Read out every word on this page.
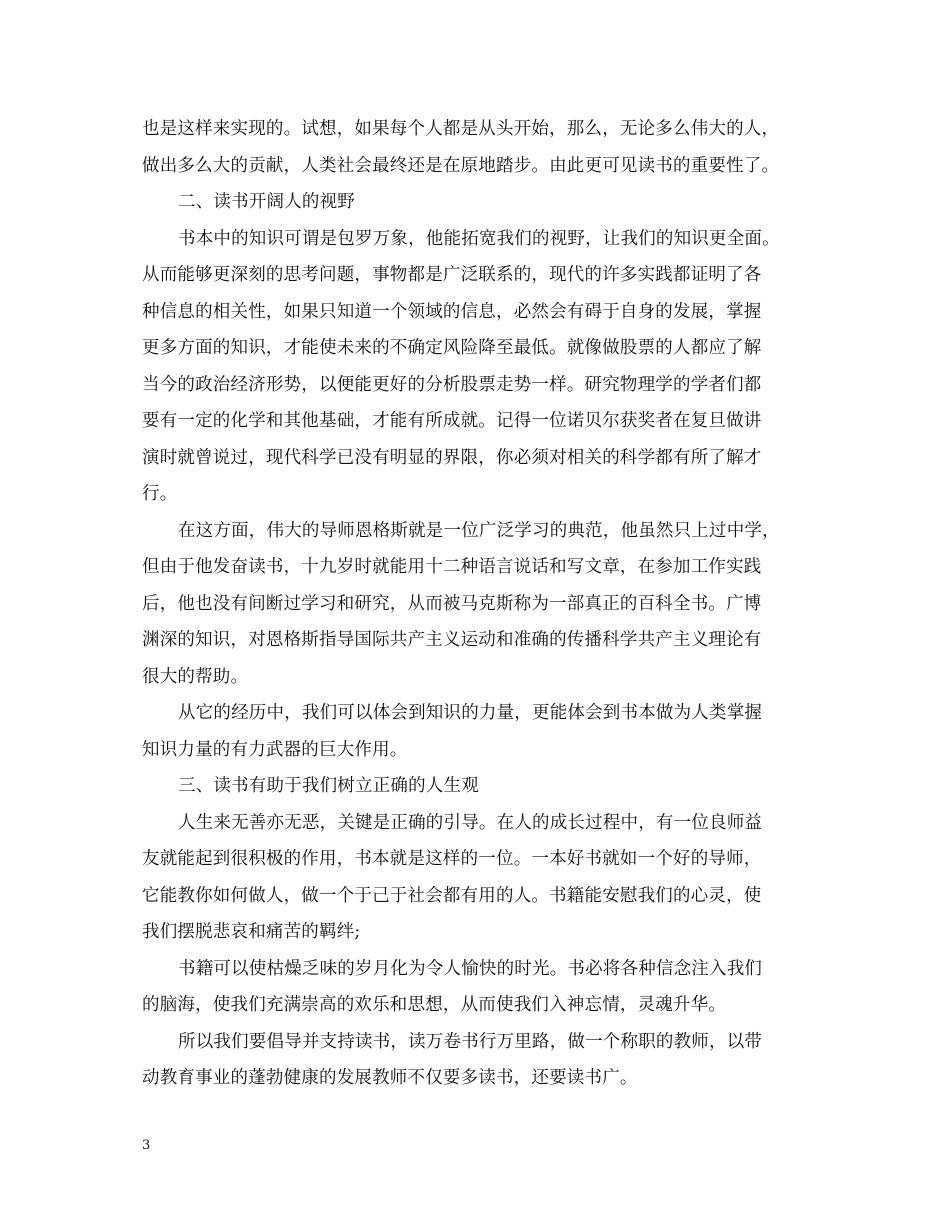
也是这样来实现的。试想，如果每个人都是从头开始，那么，无论多么伟大的人，
做出多么大的贡献，人类社会最终还是在原地踏步。由此更可见读书的重要性了。
二、读书开阔人的视野
书本中的知识可谓是包罗万象，他能拓宽我们的视野，让我们的知识更全面。
从而能够更深刻的思考问题，事物都是广泛联系的，现代的许多实践都证明了各
种信息的相关性，如果只知道一个领域的信息，必然会有碍于自身的发展，掌握
更多方面的知识，才能使未来的不确定风险降至最低。就像做股票的人都应了解
当今的政治经济形势，以便能更好的分析股票走势一样。研究物理学的学者们都
要有一定的化学和其他基础，才能有所成就。记得一位诺贝尔获奖者在复旦做讲
演时就曾说过，现代科学已没有明显的界限，你必须对相关的科学都有所了解才
行。
在这方面，伟大的导师恩格斯就是一位广泛学习的典范，他虽然只上过中学，
但由于他发奋读书，十九岁时就能用十二种语言说话和写文章，在参加工作实践
后，他也没有间断过学习和研究，从而被马克斯称为一部真正的百科全书。广博
渊深的知识，对恩格斯指导国际共产主义运动和准确的传播科学共产主义理论有
很大的帮助。
从它的经历中，我们可以体会到知识的力量，更能体会到书本做为人类掌握
知识力量的有力武器的巨大作用。
三、读书有助于我们树立正确的人生观
人生来无善亦无恶，关键是正确的引导。在人的成长过程中，有一位良师益
友就能起到很积极的作用，书本就是这样的一位。一本好书就如一个好的导师，
它能教你如何做人，做一个于己于社会都有用的人。书籍能安慰我们的心灵，使
我们摆脱悲哀和痛苦的羁绊;
书籍可以使枯燥乏味的岁月化为令人愉快的时光。书必将各种信念注入我们
的脑海，使我们充满崇高的欢乐和思想，从而使我们入神忘情，灵魂升华。
所以我们要倡导并支持读书，读万卷书行万里路，做一个称职的教师，以带
动教育事业的蓬勃健康的发展教师不仅要多读书，还要读书广。
3
